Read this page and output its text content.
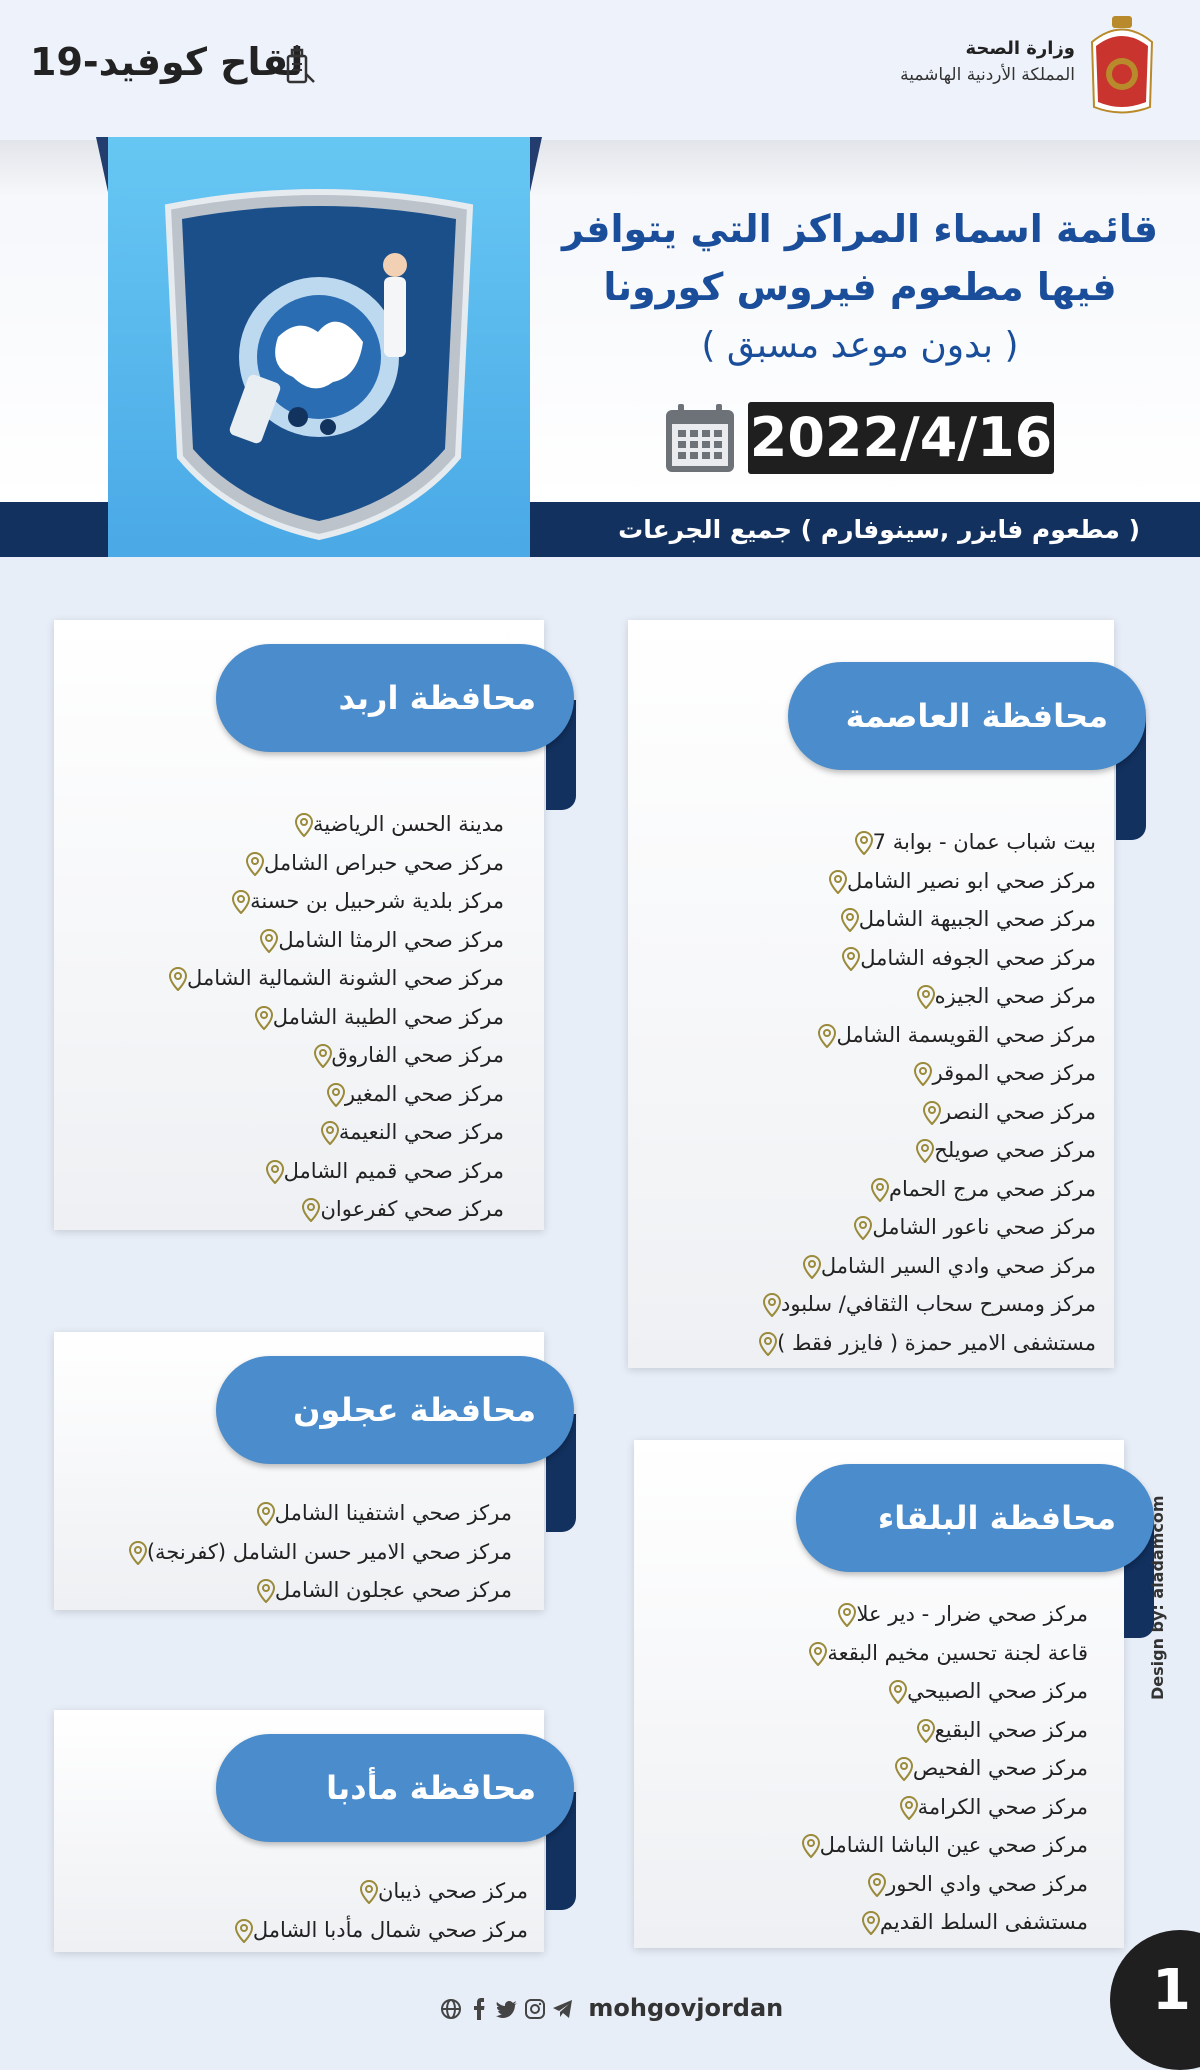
لقاح كوفيد-19	وزارة الصحة
المملكة الأردنية الهاشمية
قائمة اسماء المراكز التي يتوافر
فيها مطعوم فيروس كورونا
( بدون موعد مسبق )
2022/4/16
( مطعوم فايزر ,سينوفارم ) جميع الجرعات
محافظة العاصمة
بيت شباب عمان - بوابة 7
مركز صحي ابو نصير الشامل
مركز صحي الجبيهة الشامل
مركز صحي الجوفه الشامل
مركز صحي الجيزه
مركز صحي القويسمة الشامل
مركز صحي الموقر
مركز صحي النصر
مركز صحي صويلح
مركز صحي مرج الحمام
مركز صحي ناعور الشامل
مركز صحي وادي السير الشامل
مركز ومسرح سحاب الثقافي/ سلبود
مستشفى الامير حمزة ( فايزر فقط )
محافظة اربد
مدينة الحسن الرياضية
مركز صحي حبراص الشامل
مركز بلدية شرحبيل بن حسنة
مركز صحي الرمثا الشامل
مركز صحي الشونة الشمالية الشامل
مركز صحي الطيبة الشامل
مركز صحي الفاروق
مركز صحي المغير
مركز صحي النعيمة
مركز صحي قميم الشامل
مركز صحي كفرعوان
محافظة عجلون
مركز صحي اشتفينا الشامل
مركز صحي الامير حسن الشامل (كفرنجة)
مركز صحي عجلون الشامل
محافظة البلقاء
مركز صحي ضرار - دير علا
قاعة لجنة تحسين مخيم البقعة
مركز صحي الصبيحي
مركز صحي البقيع
مركز صحي الفحيص
مركز صحي الكرامة
مركز صحي عين الباشا الشامل
مركز صحي وادي الحور
مستشفى السلط القديم
محافظة مأدبا
مركز صحي ذيبان
مركز صحي شمال مأدبا الشامل
mohgovjordan
Design by: aladamcom
1
